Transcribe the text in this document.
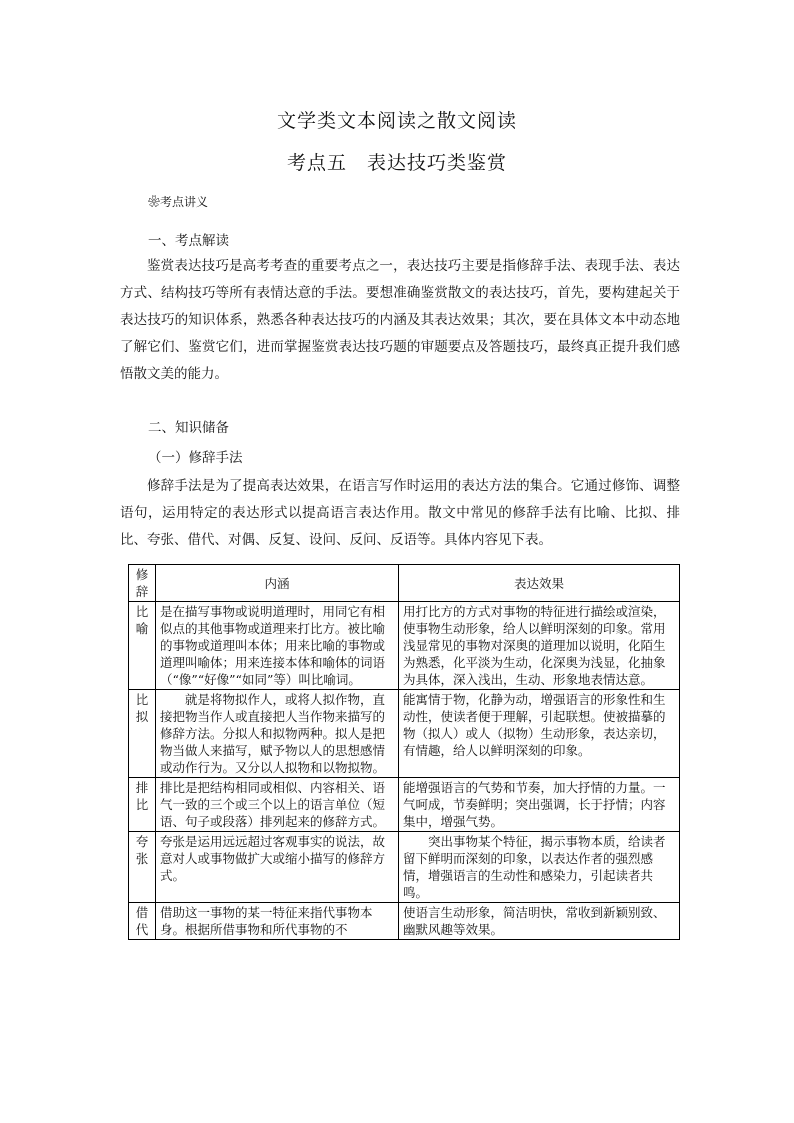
文学类文本阅读之散文阅读
考点五　表达技巧类鉴赏
❀考点讲义
一、考点解读
鉴赏表达技巧是高考考查的重要考点之一，表达技巧主要是指修辞手法、表现手法、表达方式、结构技巧等所有表情达意的手法。要想准确鉴赏散文的表达技巧，首先，要构建起关于表达技巧的知识体系，熟悉各种表达技巧的内涵及其表达效果；其次，要在具体文本中动态地了解它们、鉴赏它们，进而掌握鉴赏表达技巧题的审题要点及答题技巧，最终真正提升我们感悟散文美的能力。
二、知识储备
（一）修辞手法
修辞手法是为了提高表达效果，在语言写作时运用的表达方法的集合。它通过修饰、调整语句，运用特定的表达形式以提高语言表达作用。散文中常见的修辞手法有比喻、比拟、排比、夸张、借代、对偶、反复、设问、反问、反语等。具体内容见下表。
修辞	内涵	表达效果
比喻	是在描写事物或说明道理时，用同它有相似点的其他事物或道理来打比方。被比喻的事物或道理叫本体；用来比喻的事物或道理叫喻体；用来连接本体和喻体的词语（“像”“好像”“如同”等）叫比喻词。	用打比方的方式对事物的特征进行描绘或渲染，使事物生动形象，给人以鲜明深刻的印象。常用浅显常见的事物对深奥的道理加以说明，化陌生为熟悉，化平淡为生动，化深奥为浅显，化抽象为具体，深入浅出，生动、形象地表情达意。
比拟	就是将物拟作人，或将人拟作物，直接把物当作人或直接把人当作物来描写的修辞方法。分拟人和拟物两种。拟人是把物当做人来描写，赋予物以人的思想感情或动作行为。又分以人拟物和以物拟物。	能寓情于物，化静为动，增强语言的形象性和生动性，使读者便于理解，引起联想。使被描摹的物（拟人）或人（拟物）生动形象，表达亲切，有情趣，给人以鲜明深刻的印象。
排比	排比是把结构相同或相似、内容相关、语气一致的三个或三个以上的语言单位（短语、句子或段落）排列起来的修辞方式。	能增强语言的气势和节奏，加大抒情的力量。一气呵成，节奏鲜明；突出强调，长于抒情；内容集中，增强气势。
夸张	夸张是运用远远超过客观事实的说法，故意对人或事物做扩大或缩小描写的修辞方式。	突出事物某个特征，揭示事物本质，给读者留下鲜明而深刻的印象，以表达作者的强烈感情，增强语言的生动性和感染力，引起读者共鸣。
借代	借助这一事物的某一特征来指代事物本身。根据所借事物和所代事物的不	使语言生动形象，简洁明快，常收到新颖别致、幽默风趣等效果。
